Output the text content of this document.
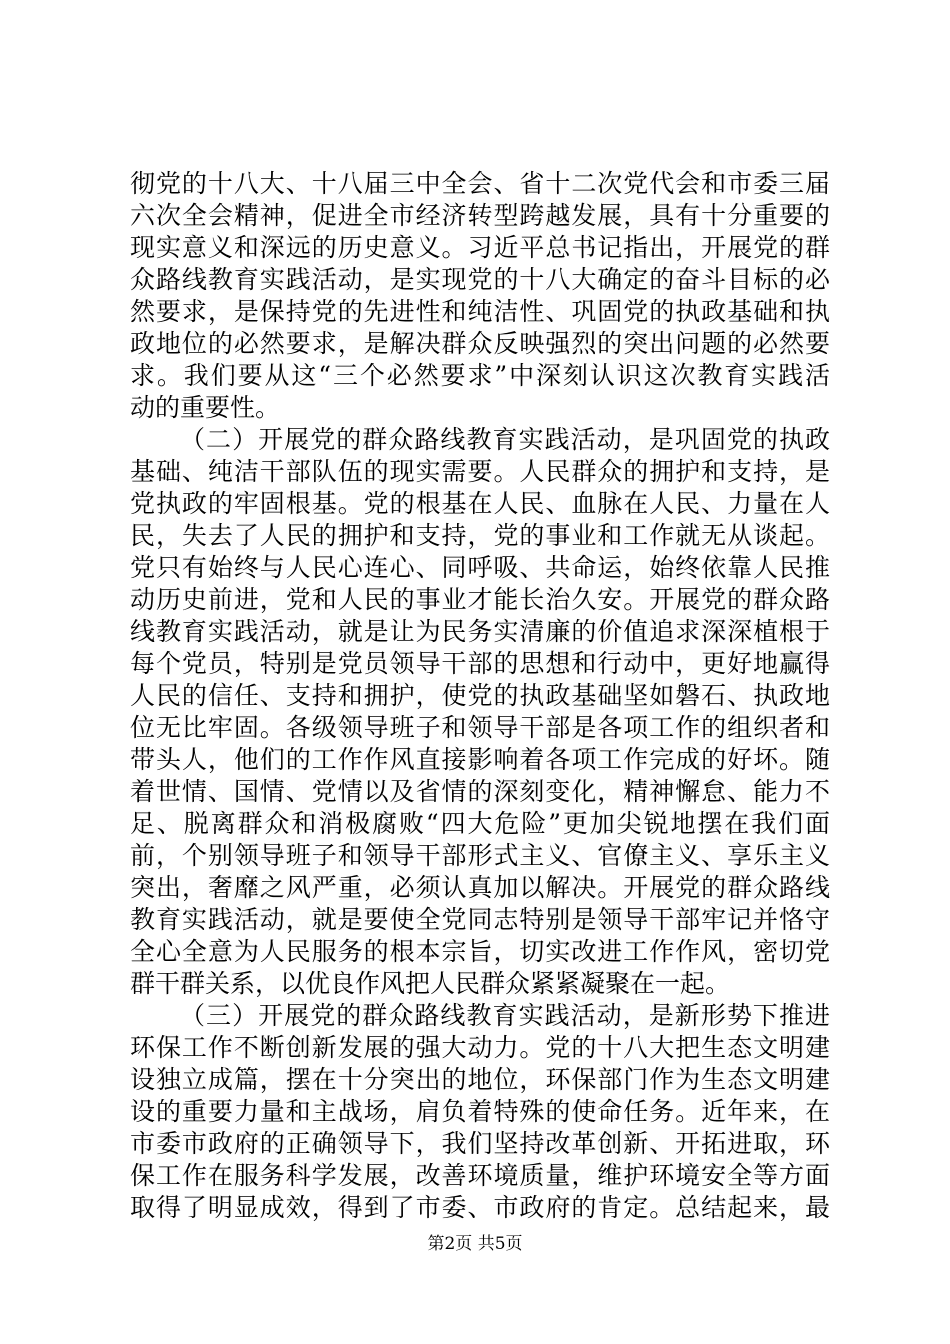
彻党的十八大、十八届三中全会、省十二次党代会和市委三届
六次全会精神，促进全市经济转型跨越发展，具有十分重要的
现实意义和深远的历史意义。习近平总书记指出，开展党的群
众路线教育实践活动，是实现党的十八大确定的奋斗目标的必
然要求，是保持党的先进性和纯洁性、巩固党的执政基础和执
政地位的必然要求，是解决群众反映强烈的突出问题的必然要
求。我们要从这“三个必然要求”中深刻认识这次教育实践活
动的重要性。
（二）开展党的群众路线教育实践活动，是巩固党的执政
基础、纯洁干部队伍的现实需要。人民群众的拥护和支持，是
党执政的牢固根基。党的根基在人民、血脉在人民、力量在人
民，失去了人民的拥护和支持，党的事业和工作就无从谈起。
党只有始终与人民心连心、同呼吸、共命运，始终依靠人民推
动历史前进，党和人民的事业才能长治久安。开展党的群众路
线教育实践活动，就是让为民务实清廉的价值追求深深植根于
每个党员，特别是党员领导干部的思想和行动中，更好地赢得
人民的信任、支持和拥护，使党的执政基础坚如磐石、执政地
位无比牢固。各级领导班子和领导干部是各项工作的组织者和
带头人，他们的工作作风直接影响着各项工作完成的好坏。随
着世情、国情、党情以及省情的深刻变化，精神懈怠、能力不
足、脱离群众和消极腐败“四大危险”更加尖锐地摆在我们面
前，个别领导班子和领导干部形式主义、官僚主义、享乐主义
突出，奢靡之风严重，必须认真加以解决。开展党的群众路线
教育实践活动，就是要使全党同志特别是领导干部牢记并恪守
全心全意为人民服务的根本宗旨，切实改进工作作风，密切党
群干群关系，以优良作风把人民群众紧紧凝聚在一起。
（三）开展党的群众路线教育实践活动，是新形势下推进
环保工作不断创新发展的强大动力。党的十八大把生态文明建
设独立成篇，摆在十分突出的地位，环保部门作为生态文明建
设的重要力量和主战场，肩负着特殊的使命任务。近年来，在
市委市政府的正确领导下，我们坚持改革创新、开拓进取，环
保工作在服务科学发展，改善环境质量，维护环境安全等方面
取得了明显成效，得到了市委、市政府的肯定。总结起来，最
第2页 共5页
